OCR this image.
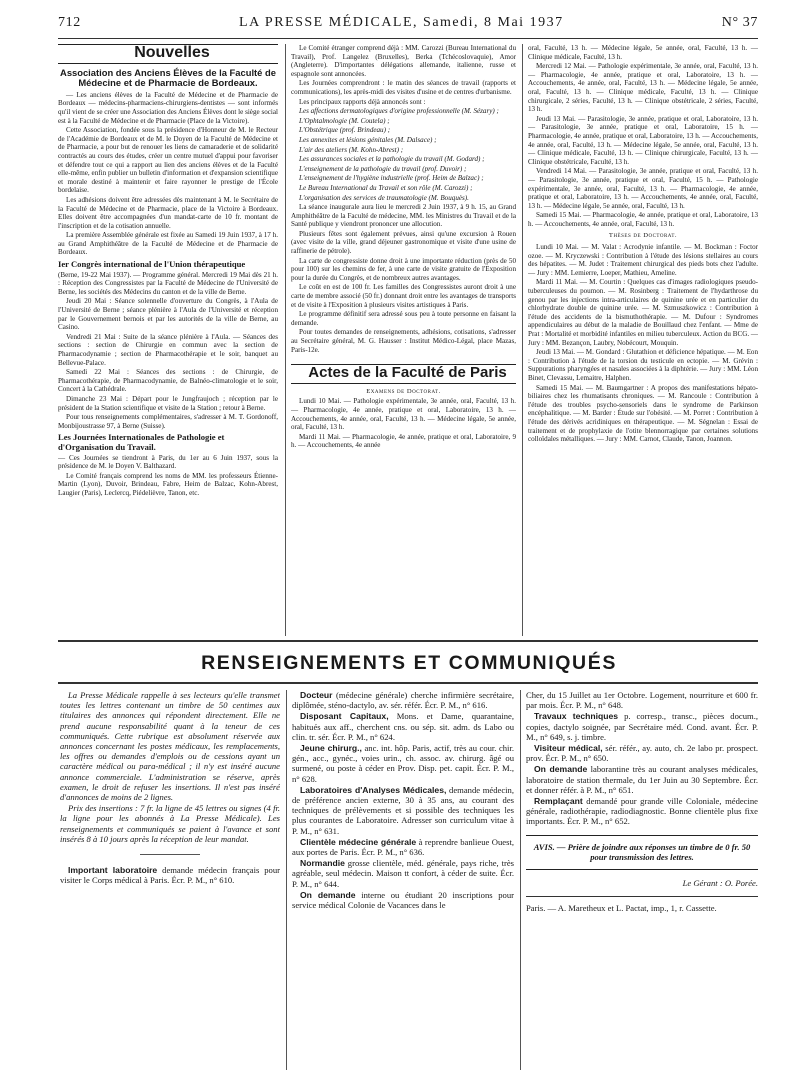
712	LA PRESSE MÉDICALE, Samedi, 8 Mai 1937	N° 37

Nouvelles

Association des Anciens Élèves de la Faculté de Médecine et de Pharmacie de Bordeaux.

— Les anciens élèves de la Faculté de Médecine et de Pharmacie de Bordeaux — médecins-pharmaciens-chirurgiens-dentistes — sont informés qu'il vient de se créer une Association des Anciens Élèves dont le siège social est à la Faculté de Médecine et de Pharmacie (Place de la Victoire).

Cette Association, fondée sous la présidence d'Honneur de M. le Recteur de l'Académie de Bordeaux et de M. le Doyen de la Faculté de Médecine et de Pharmacie, a pour but de renouer les liens de camaraderie et de solidarité contractés au cours des études, créer un centre mutuel d'appui pour favoriser et défendre tout ce qui a rapport au lien des anciens élèves et de la Faculté elle-même, enfin publier un bulletin d'information et d'expansion scientifique et morale destiné à maintenir et faire rayonner le prestige de l'École bordelaise.

Les adhésions doivent être adressées dès maintenant à M. le Secrétaire de la Faculté de Médecine et de Pharmacie, place de la Victoire à Bordeaux. Elles doivent être accompagnées d'un mandat-carte de 10 fr. montant de l'inscription et de la cotisation annuelle.

La première Assemblée générale est fixée au Samedi 19 Juin 1937, à 17 h. au Grand Amphithéâtre de la Faculté de Médecine et de Pharmacie de Bordeaux.

Ier Congrès international de l'Union thérapeutique

(Berne, 19-22 Mai 1937). — Programme général. Mercredi 19 Mai dès 21 h. : Réception des Congressistes par la Faculté de Médecine de l'Université de Berne, les sociétés des Médecins du canton et de la ville de Berne.

Jeudi 20 Mai : Séance solennelle d'ouverture du Congrès, à l'Aula de l'Université de Berne ; séance plénière à l'Aula de l'Université et réception par le Gouvernement bernois et par les autorités de la ville de Berne, au Casino.

Vendredi 21 Mai : Suite de la séance plénière à l'Aula. — Séances des sections : section de Chirurgie en commun avec la section de Pharmacodynamie ; section de Pharmacothérapie et le soir, banquet au Bellevue-Palace.

Samedi 22 Mai : Séances des sections : de Chirurgie, de Pharmacothérapie, de Pharmacodynamie, de Balnéo-climatologie et le soir, Concert à la Cathédrale.

Dimanche 23 Mai : Départ pour le Jungfraujoch ; réception par le président de la Station scientifique et visite de la Station ; retour à Berne.

Pour tous renseignements complémentaires, s'adresser à M. T. Gordonoff, Monbijoustrasse 97, à Berne (Suisse).

Les Journées Internationales de Pathologie et d'Organisation du Travail.

— Ces Journées se tiendront à Paris, du 1er au 6 Juin 1937, sous la présidence de M. le Doyen V. Balthazard.

Le Comité français comprend les noms de MM. les professeurs Étienne-Martin (Lyon), Duvoir, Brindeau, Fabre, Heim de Balzac, Kohn-Abrest, Laugier (Paris), Leclercq, Piédelièvre, Tanon, etc.

Le Comité étranger comprend déjà : MM. Carozzi (Bureau International du Travail), Prof. Langelez (Bruxelles), Berka (Tchécoslovaquie), Amor (Angleterre). D'importantes délégations allemande, italienne, russe et espagnole sont annoncées.

Les Journées comprendront : le matin des séances de travail (rapports et communications), les après-midi des visites d'usine et de centres d'urbanisme.

Les principaux rapports déjà annoncés sont :

Les affections dermatologiques d'origine professionnelle (M. Sézary) ;

L'Ophtalmologie (M. Coutela) ;

L'Obstétrique (prof. Brindeau) ;

Les annexites et lésions génitales (M. Dalsace) ;

L'air des ateliers (M. Kohn-Abrest) ;

Les assurances sociales et la pathologie du travail (M. Godard) ;

L'enseignement de la pathologie du travail (prof. Duvoir) ;

L'enseignement de l'hygiène industrielle (prof. Heim de Balzac) ;

Le Bureau International du Travail et son rôle (M. Carozzi) ;

L'organisation des services de traumatologie (M. Bouquès).

La séance inaugurale aura lieu le mercredi 2 Juin 1937, à 9 h. 15, au Grand Amphithéâtre de la Faculté de médecine, MM. les Ministres du Travail et de la Santé publique y viendront prononcer une allocution.

Plusieurs fêtes sont également prévues, ainsi qu'une excursion à Rouen (avec visite de la ville, grand déjeuner gastronomique et visite d'une usine de raffinerie de pétrole).

La carte de congressiste donne droit à une importante réduction (près de 50 pour 100) sur les chemins de fer, à une carte de visite gratuite de l'Exposition pour la durée du Congrès, et de nombreux autres avantages.

Le coût en est de 100 fr. Les familles des Congressistes auront droit à une carte de membre associé (50 fr.) donnant droit entre les avantages de transports et de visite à l'Exposition à plusieurs visites artistiques à Paris.

Le programme définitif sera adressé sous peu à toute personne en faisant la demande.

Pour toutes demandes de renseignements, adhésions, cotisations, s'adresser au Secrétaire général, M. G. Hausser : Institut Médico-Légal, place Mazas, Paris-12e.

Actes de la Faculté de Paris

Examens de Doctorat.

Lundi 10 Mai. — Pathologie expérimentale, 3e année, oral, Faculté, 13 h. — Pharmacologie, 4e année, pratique et oral, Laboratoire, 13 h. — Accouchements, 4e année, oral, Faculté, 13 h. — Médecine légale, 5e année, oral, Faculté, 13 h.

Mardi 11 Mai. — Pharmacologie, 4e année, pratique et oral, Laboratoire, 9 h. — Accouchements, 4e année

oral, Faculté, 13 h. — Médecine légale, 5e année, oral, Faculté, 13 h. — Clinique médicale, Faculté, 13 h.

Mercredi 12 Mai. — Pathologie expérimentale, 3e année, oral, Faculté, 13 h. — Pharmacologie, 4e année, pratique et oral, Laboratoire, 13 h. — Accouchements, 4e année, oral, Faculté, 13 h. — Médecine légale, 5e année, oral, Faculté, 13 h. — Clinique médicale, Faculté, 13 h. — Clinique chirurgicale, 2 séries, Faculté, 13 h. — Clinique obstétricale, 2 séries, Faculté, 13 h.

Jeudi 13 Mai. — Parasitologie, 3e année, pratique et oral, Laboratoire, 13 h. — Parasitologie, 3e année, pratique et oral, Laboratoire, 15 h. — Pharmacologie, 4e année, pratique et oral, Laboratoire, 13 h. — Accouchements, 4e année, oral, Faculté, 13 h. — Médecine légale, 5e année, oral, Faculté, 13 h. — Clinique médicale, Faculté, 13 h. — Clinique chirurgicale, Faculté, 13 h. — Clinique obstétricale, Faculté, 13 h.

Vendredi 14 Mai. — Parasitologie, 3e année, pratique et oral, Faculté, 13 h. — Parasitologie, 3e année, pratique et oral, Faculté, 15 h. — Pathologie expérimentale, 3e année, oral, Faculté, 13 h. — Pharmacologie, 4e année, pratique et oral, Laboratoire, 13 h. — Accouchements, 4e année, oral, Faculté, 13 h. — Médecine légale, 5e année, oral, Faculté, 13 h.

Samedi 15 Mai. — Pharmacologie, 4e année, pratique et oral, Laboratoire, 13 h. — Accouchements, 4e année, oral, Faculté, 13 h.

Thèses de Doctorat.

Lundi 10 Mai. — M. Valat : Acrodynie infantile. — M. Bockman : Foctor ozoe. — M. Kryczewski : Contribution à l'étude des lésions stellaires au cours des hépatites. — M. Judet : Traitement chirurgical des pieds bots chez l'adulte. — Jury : MM. Lemierre, Loeper, Mathieu, Ameline.

Mardi 11 Mai. — M. Courtin : Quelques cas d'images radiologiques pseudo-tuberculeuses du poumon. — M. Rosinberg : Traitement de l'hydarthrose du genou par les injections intra-articulaires de quinine urée et en particulier du chlorhydrate double de quinine urée. — M. Szmuszkowicz : Contribution à l'étude des accidents de la bismuthothérapie. — M. Dufour : Syndromes appendiculaires au début de la maladie de Bouillaud chez l'enfant. — Mme de Prat : Mortalité et morbidité infantiles en milieu tuberculeux. Action du BCG. — Jury : MM. Bezançon, Laubry, Nobécourt, Mouquin.

Jeudi 13 Mai. — M. Gondard : Glutathion et déficience hépatique. — M. Eon : Contribution à l'étude de la torsion du testicule en ectopie. — M. Grévin : Suppurations pharyngées et nasales associées à la diphtérie. — Jury : MM. Léon Binet, Clevassu, Lemaitre, Halphen.

Samedi 15 Mai. — M. Baumgartner : A propos des manifestations hépato-biliaires chez les rhumatisants chroniques. — M. Rancoule : Contribution à l'étude des troubles psycho-sensoriels dans le syndrome de Parkinson encéphalitique. — M. Barder : Étude sur l'obésité. — M. Porret : Contribution à l'étude des dérivés acridiniques en thérapeutique. — M. Ségnelan : Essai de traitement et de prophylaxie de l'otite blennorragique par certaines solutions colloïdales métalliques. — Jury : MM. Carnot, Claude, Tanon, Joannon.

RENSEIGNEMENTS ET COMMUNIQUÉS

La Presse Médicale rappelle à ses lecteurs qu'elle transmet toutes les lettres contenant un timbre de 50 centimes aux titulaires des annonces qui répondent directement. Elle ne prend aucune responsabilité quant à la teneur de ces communiqués. Cette rubrique est absolument réservée aux annonces concernant les postes médicaux, les remplacements, les offres ou demandes d'emplois ou de cessions ayant un caractère médical ou para-médical ; il n'y est inséré aucune annonce commerciale. L'administration se réserve, après examen, le droit de refuser les insertions. Il n'est pas inséré d'annonces de moins de 2 lignes.

Prix des insertions : 7 fr. la ligne de 45 lettres ou signes (4 fr. la ligne pour les abonnés à La Presse Médicale). Les renseignements et communiqués se paient à l'avance et sont insérés 8 à 10 jours après la réception de leur mandat.

Important laboratoire demande médecin français pour visiter le Corps médical à Paris. Écr. P. M., n° 610.

Docteur (médecine générale) cherche infirmière secrétaire, diplômée, sténo-dactylo, av. sér. référ. Écr. P. M., n° 616.

Disposant Capitaux, Mons. et Dame, quarantaine, habitués aux aff., cherchent cns. ou sép. sit. adm. ds Labo ou clin. tr. sér. Écr. P. M., n° 624.

Jeune chirurg., anc. int. hôp. Paris, actif, très au cour. chir. gén., acc., gynéc., voies urin., ch. assoc. av. chirurg. âgé ou surmené, ou poste à céder en Prov. Disp. pet. capit. Écr. P. M., n° 628.

Laboratoires d'Analyses Médicales, demande médecin, de préférence ancien externe, 30 à 35 ans, au courant des techniques de prélèvements et si possible des techniques les plus courantes de Laboratoire. Adresser son curriculum vitae à P. M., n° 631.

Clientèle médecine générale à reprendre banlieue Ouest, aux portes de Paris. Écr. P. M., n° 636.

Normandie grosse clientèle, méd. générale, pays riche, très agréable, seul médecin. Maison tt confort, à céder de suite. Écr. P. M., n° 644.

On demande interne ou étudiant 20 inscriptions pour service médical Colonie de Vacances dans le

Cher, du 15 Juillet au 1er Octobre. Logement, nourriture et 600 fr. par mois. Écr. P. M., n° 648.

Travaux techniques p. corresp., transc., pièces docum., copies, dactylo soignée, par Secrétaire méd. Cond. avant. Écr. P. M., n° 649, s. j. timbre.

Visiteur médical, sér. référ., ay. auto, ch. 2e labo pr. prospect. prov. Écr. P. M., n° 650.

On demande laborantine très au courant analyses médicales, laboratoire de station thermale, du 1er Juin au 30 Septembre. Écr. et donner référ. à P. M., n° 651.

Remplaçant demandé pour grande ville Coloniale, médecine générale, radiothérapie, radiodiagnostic. Bonne clientèle plus fixe importants. Écr. P. M., n° 652.

AVIS. — Prière de joindre aux réponses un timbre de 0 fr. 50 pour transmission des lettres.

Le Gérant : O. Porée.

Paris. — A. Maretheux et L. Pactat, imp., 1, r. Cassette.
